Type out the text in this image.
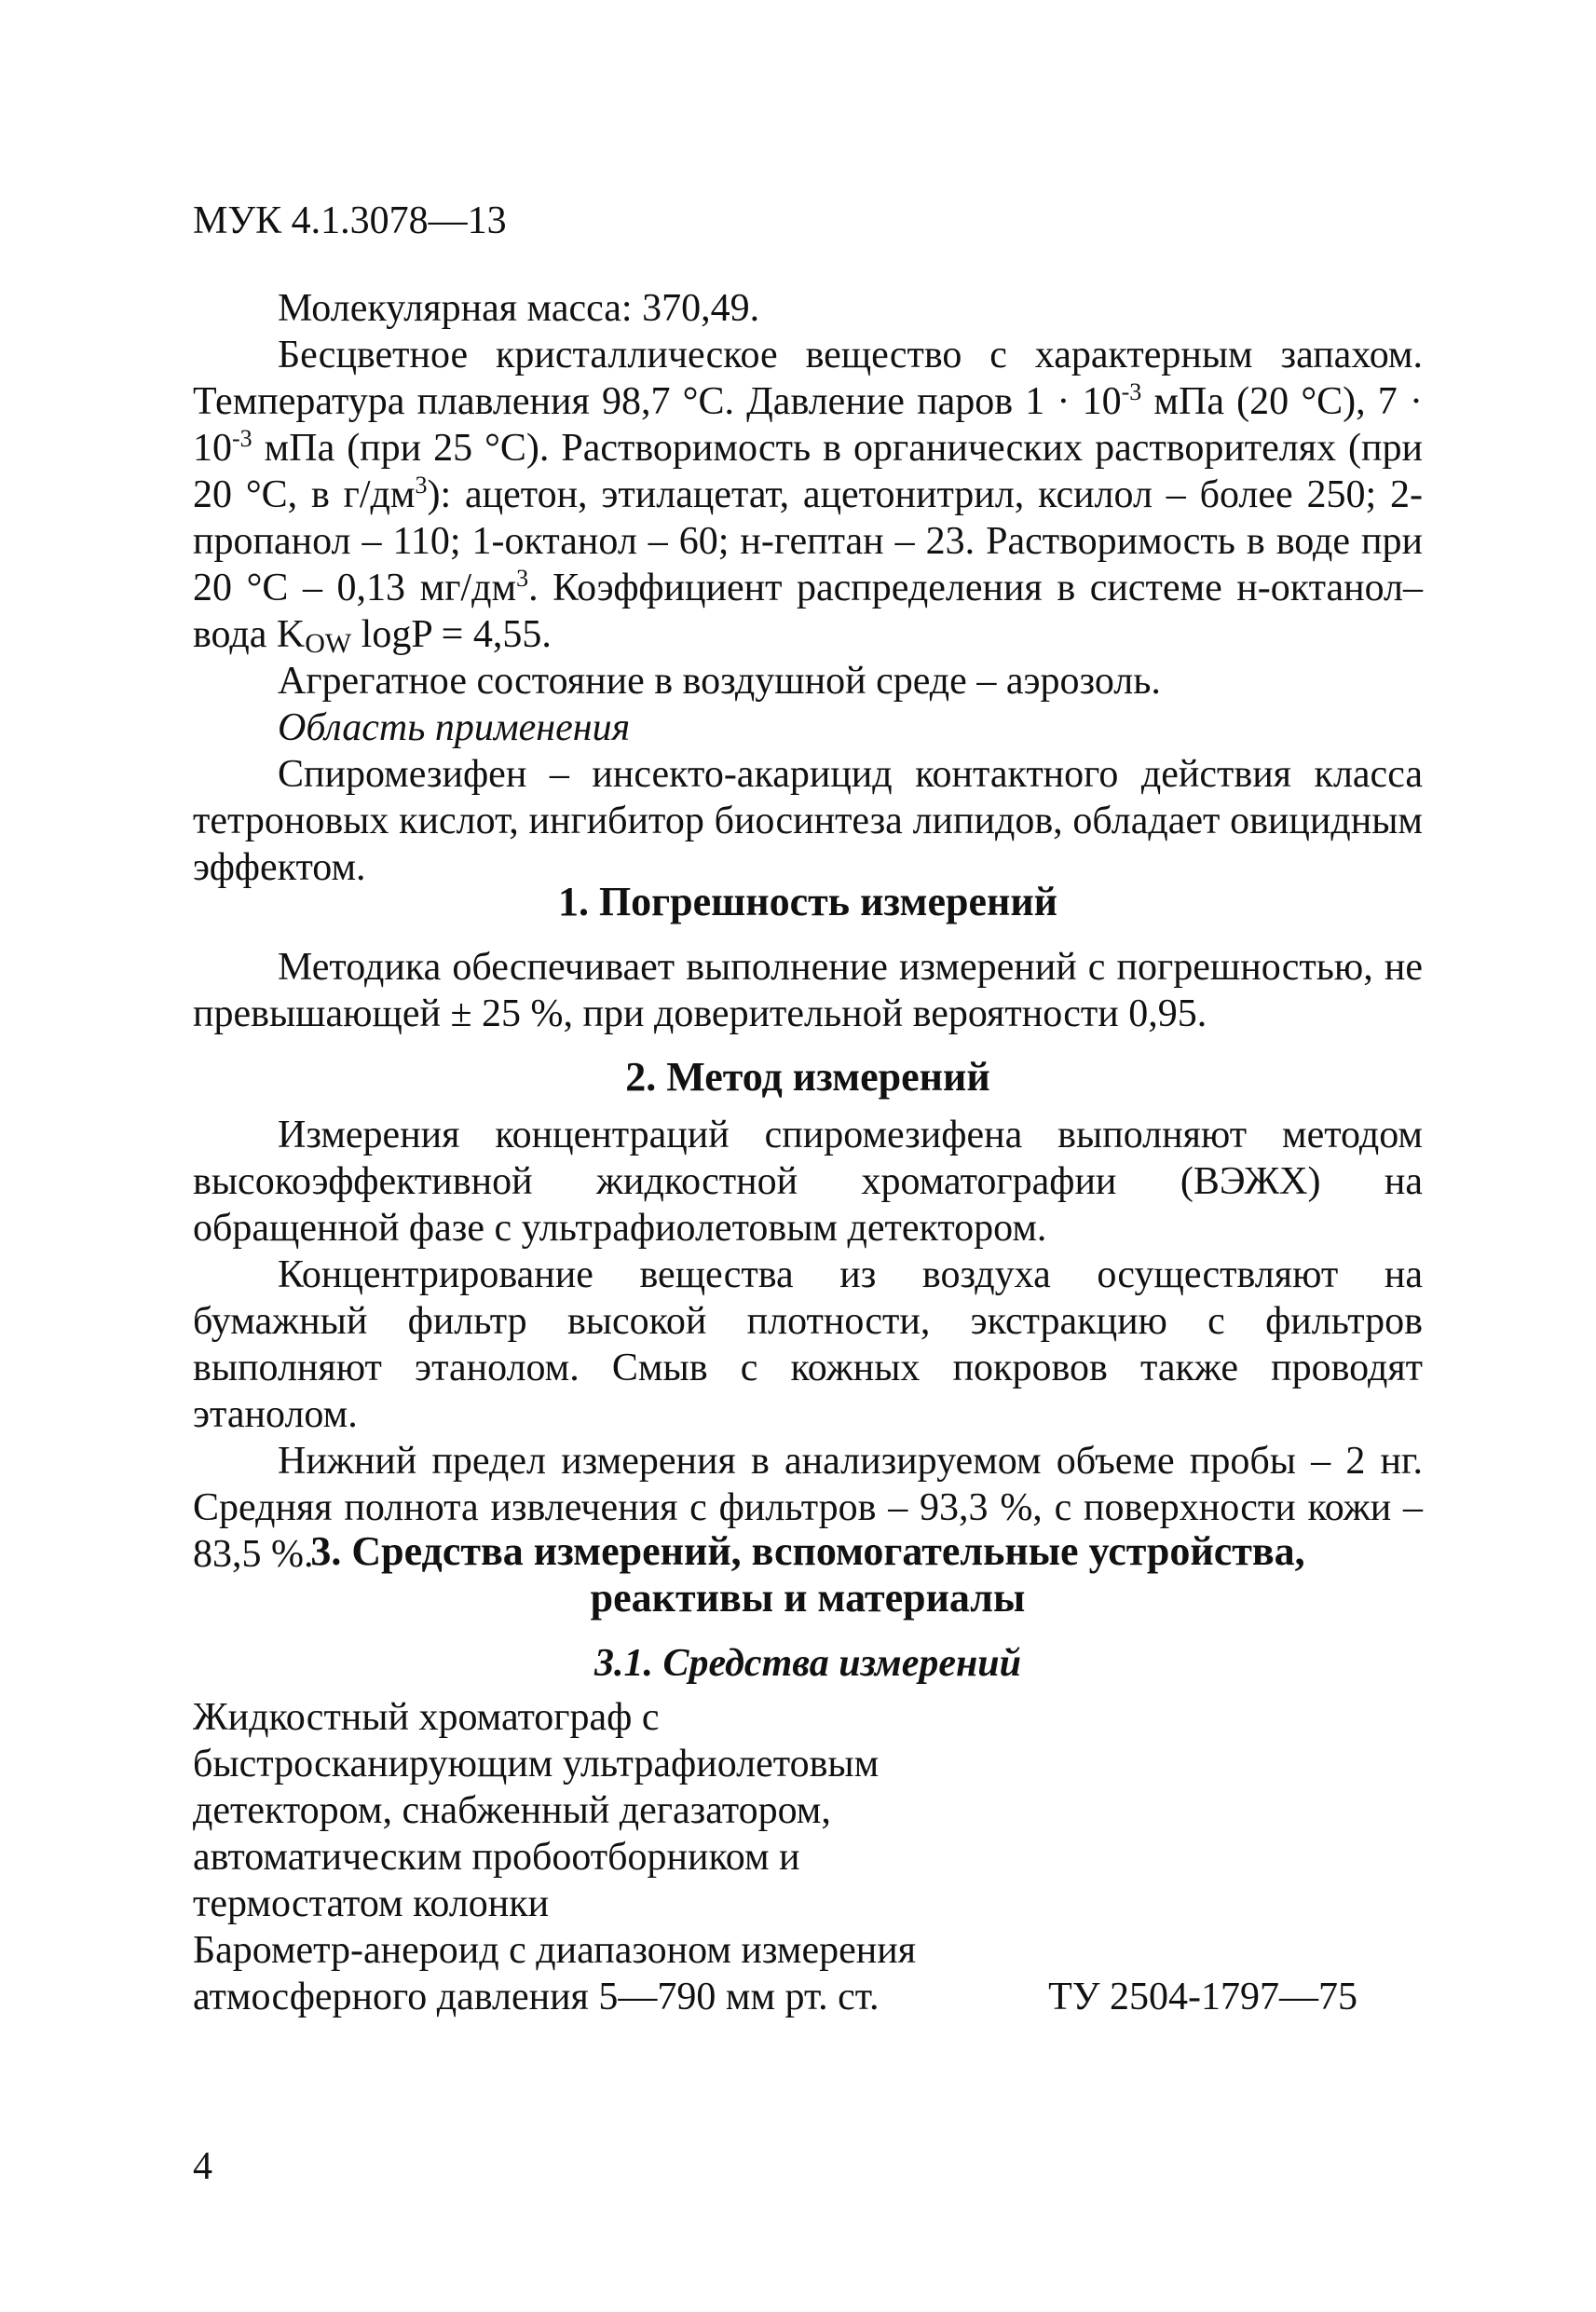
МУК 4.1.3078—13

Молекулярная масса: 370,49.

Бесцветное кристаллическое вещество с характерным запахом. Температура плавления 98,7 °С. Давление паров $1 \cdot 10^{-3}$ мПа (20 °С), $7 \cdot 10^{-3}$ мПа (при 25 °С). Растворимость в органических растворителях (при 20 °С, в $г/дм^3$): ацетон, этилацетат, ацетонитрил, ксилол – более 250; 2-пропанол – 110; 1-октанол – 60; н-гептан – 23. Растворимость в воде при 20 °С – 0,13 $мг/дм^3$. Коэффициент распределения в системе н-октанол–вода $K_{OW}$ logP = 4,55.

Агрегатное состояние в воздушной среде – аэрозоль.

Область применения

Спиромезифен – инсекто-акарицид контактного действия класса тетроновых кислот, ингибитор биосинтеза липидов, обладает овицидным эффектом.

1. Погрешность измерений

Методика обеспечивает выполнение измерений с погрешностью, не превышающей ± 25 %, при доверительной вероятности 0,95.

2. Метод измерений

Измерения концентраций спиромезифена выполняют методом высокоэффективной жидкостной хроматографии (ВЭЖХ) на обращенной фазе с ультрафиолетовым детектором.

Концентрирование вещества из воздуха осуществляют на бумажный фильтр высокой плотности, экстракцию с фильтров выполняют этанолом. Смыв с кожных покровов также проводят этанолом.

Нижний предел измерения в анализируемом объеме пробы – 2 нг. Средняя полнота извлечения с фильтров – 93,3 %, с поверхности кожи – 83,5 %.

3. Средства измерений, вспомогательные устройства,

реактивы и материалы

3.1. Средства измерений

Жидкостный хроматограф с быстросканирующим ультрафиолетовым детектором, снабженный дегазатором, автоматическим пробоотборником и термостатом колонки

Барометр-анероид с диапазоном измерения атмосферного давления 5—790 мм рт. ст.	ТУ 2504-1797—75
4
